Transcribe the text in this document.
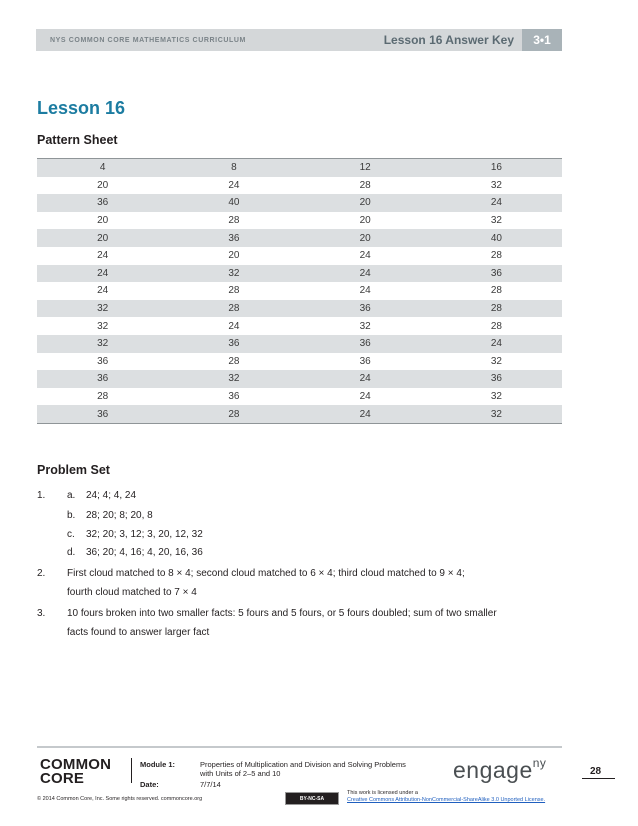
NYS COMMON CORE MATHEMATICS CURRICULUM	Lesson 16 Answer Key	3•1
Lesson 16
Pattern Sheet
4	8	12	16
20	24	28	32
36	40	20	24
20	28	20	32
20	36	20	40
24	20	24	28
24	32	24	36
24	28	24	28
32	28	36	28
32	24	32	28
32	36	36	24
36	28	36	32
36	32	24	36
28	36	24	32
36	28	24	32
Problem Set
1. a. 24; 4; 4, 24
b. 28; 20; 8; 20, 8
c. 32; 20; 3, 12; 3, 20, 12, 32
d. 36; 20; 4, 16; 4, 20, 16, 36
2. First cloud matched to 8 × 4; second cloud matched to 6 × 4; third cloud matched to 9 × 4;
fourth cloud matched to 7 × 4
3. 10 fours broken into two smaller facts: 5 fours and 5 fours, or 5 fours doubled; sum of two smaller
facts found to answer larger fact
COMMON
CORE
Module 1:	Properties of Multiplication and Division and Solving Problems
with Units of 2–5 and 10
Date:	7/7/14
engage$^{ny}$
28
© 2014 Common Core, Inc. Some rights reserved. commoncore.org	BY-NC-SA
This work is licensed under a
Creative Commons Attribution-NonCommercial-ShareAlike 3.0 Unported License.
